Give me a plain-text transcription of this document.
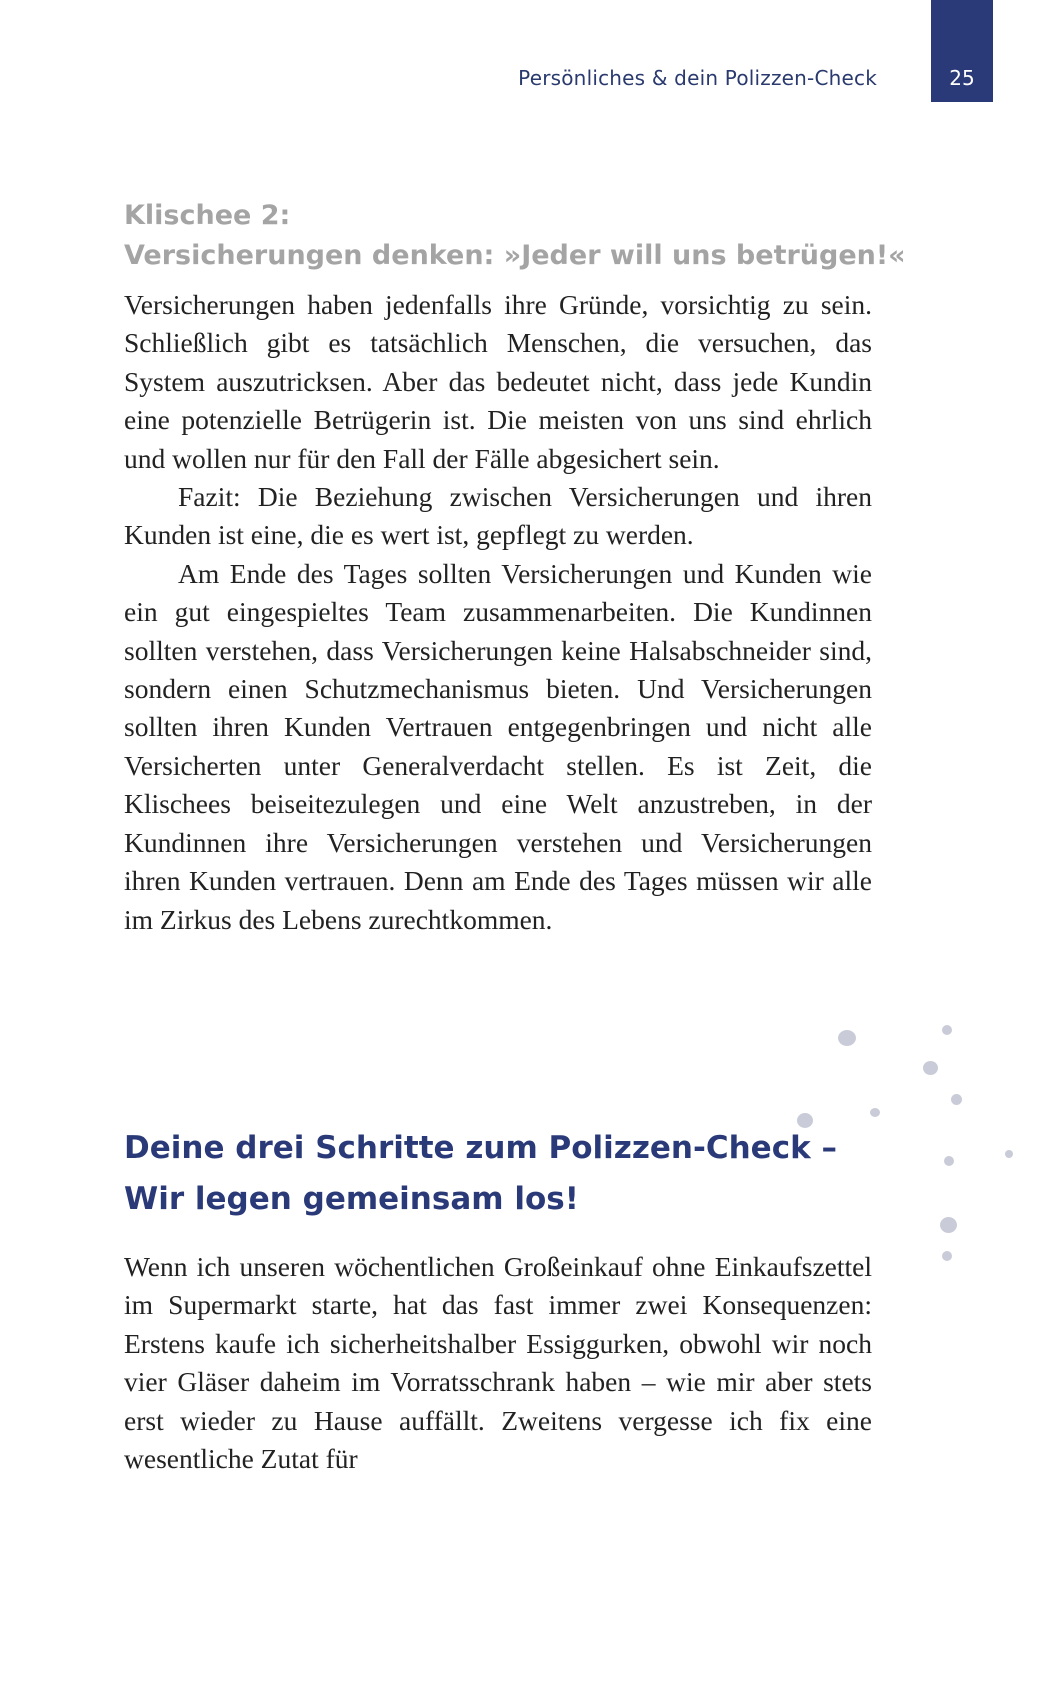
Persönliches & dein Polizzen-Check	25
Klischee 2:
Versicherungen denken: »Jeder will uns betrügen!«

Versicherungen haben jedenfalls ihre Gründe, vorsichtig zu sein. Schließlich gibt es tatsächlich Menschen, die versuchen, das System auszutricksen. Aber das bedeutet nicht, dass jede Kundin eine potenzielle Betrügerin ist. Die meisten von uns sind ehrlich und wollen nur für den Fall der Fälle abgesichert sein.

Fazit: Die Beziehung zwischen Versicherungen und ihren Kunden ist eine, die es wert ist, gepflegt zu werden.

Am Ende des Tages sollten Versicherungen und Kunden wie ein gut eingespieltes Team zusammenarbeiten. Die Kundinnen sollten verstehen, dass Versicherungen keine Halsabschneider sind, sondern einen Schutzmechanismus bieten. Und Versicherungen sollten ihren Kunden Vertrauen entgegenbringen und nicht alle Versicherten unter Generalverdacht stellen. Es ist Zeit, die Klischees beiseitezulegen und eine Welt anzustreben, in der Kundinnen ihre Versicherungen verstehen und Versicherungen ihren Kunden vertrauen. Denn am Ende des Tages müssen wir alle im Zirkus des Lebens zurechtkommen.

Deine drei Schritte zum Polizzen-Check –
Wir legen gemeinsam los!

Wenn ich unseren wöchentlichen Großeinkauf ohne Einkaufszettel im Supermarkt starte, hat das fast immer zwei Konsequenzen: Erstens kaufe ich sicherheitshalber Essiggurken, obwohl wir noch vier Gläser daheim im Vorratsschrank haben – wie mir aber stets erst wieder zu Hause auffällt. Zweitens vergesse ich fix eine wesentliche Zutat für
